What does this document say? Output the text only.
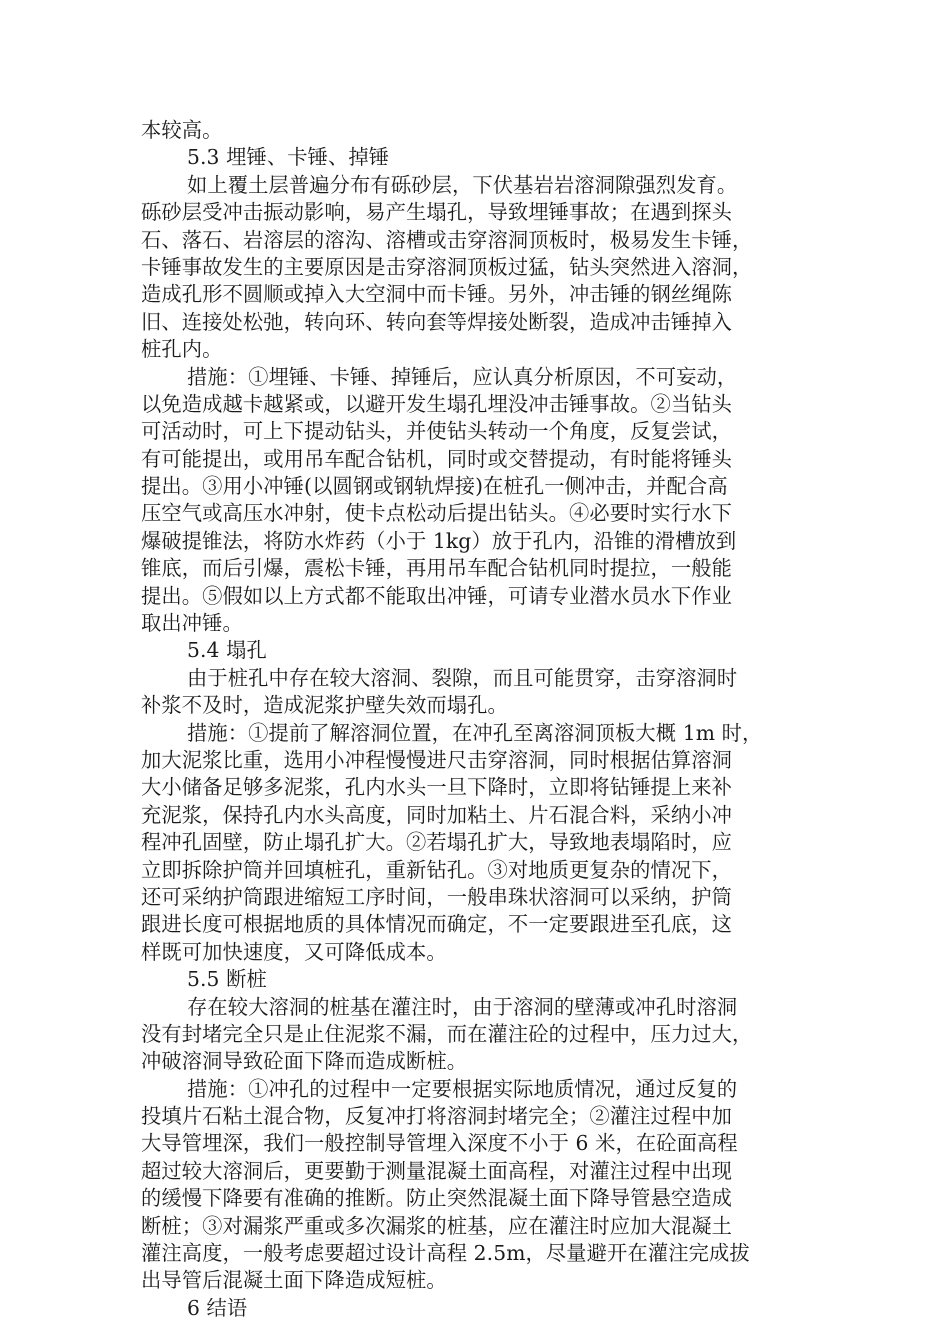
本较高。
5.3 埋锤、卡锤、掉锤
如上覆土层普遍分布有砾砂层，下伏基岩岩溶洞隙强烈发育。
砾砂层受冲击振动影响，易产生塌孔，导致埋锤事故；在遇到探头
石、落石、岩溶层的溶沟、溶槽或击穿溶洞顶板时，极易发生卡锤，
卡锤事故发生的主要原因是击穿溶洞顶板过猛，钻头突然进入溶洞，
造成孔形不圆顺或掉入大空洞中而卡锤。另外，冲击锤的钢丝绳陈
旧、连接处松弛，转向环、转向套等焊接处断裂，造成冲击锤掉入
桩孔内。
措施：①埋锤、卡锤、掉锤后，应认真分析原因，不可妄动，
以免造成越卡越紧或，以避开发生塌孔埋没冲击锤事故。②当钻头
可活动时，可上下提动钻头，并使钻头转动一个角度，反复尝试，
有可能提出，或用吊车配合钻机，同时或交替提动，有时能将锤头
提出。③用小冲锤(以圆钢或钢轨焊接)在桩孔一侧冲击，并配合高
压空气或高压水冲射，使卡点松动后提出钻头。④必要时实行水下
爆破提锥法，将防水炸药（小于 1kg）放于孔内，沿锥的滑槽放到
锥底，而后引爆，震松卡锤，再用吊车配合钻机同时提拉，一般能
提出。⑤假如以上方式都不能取出冲锤，可请专业潜水员水下作业
取出冲锤。
5.4 塌孔
由于桩孔中存在较大溶洞、裂隙，而且可能贯穿，击穿溶洞时
补浆不及时，造成泥浆护壁失效而塌孔。
措施：①提前了解溶洞位置，在冲孔至离溶洞顶板大概 1m 时，
加大泥浆比重，选用小冲程慢慢进尺击穿溶洞，同时根据估算溶洞
大小储备足够多泥浆，孔内水头一旦下降时，立即将钻锤提上来补
充泥浆，保持孔内水头高度，同时加粘土、片石混合料，采纳小冲
程冲孔固壁，防止塌孔扩大。②若塌孔扩大，导致地表塌陷时，应
立即拆除护筒并回填桩孔，重新钻孔。③对地质更复杂的情况下，
还可采纳护筒跟进缩短工序时间，一般串珠状溶洞可以采纳，护筒
跟进长度可根据地质的具体情况而确定，不一定要跟进至孔底，这
样既可加快速度，又可降低成本。
5.5 断桩
存在较大溶洞的桩基在灌注时，由于溶洞的壁薄或冲孔时溶洞
没有封堵完全只是止住泥浆不漏，而在灌注砼的过程中，压力过大，
冲破溶洞导致砼面下降而造成断桩。
措施：①冲孔的过程中一定要根据实际地质情况，通过反复的
投填片石粘土混合物，反复冲打将溶洞封堵完全；②灌注过程中加
大导管埋深，我们一般控制导管埋入深度不小于 6 米，在砼面高程
超过较大溶洞后，更要勤于测量混凝土面高程，对灌注过程中出现
的缓慢下降要有准确的推断。防止突然混凝土面下降导管悬空造成
断桩；③对漏浆严重或多次漏浆的桩基，应在灌注时应加大混凝土
灌注高度，一般考虑要超过设计高程 2.5m，尽量避开在灌注完成拔
出导管后混凝土面下降造成短桩。
6 结语
